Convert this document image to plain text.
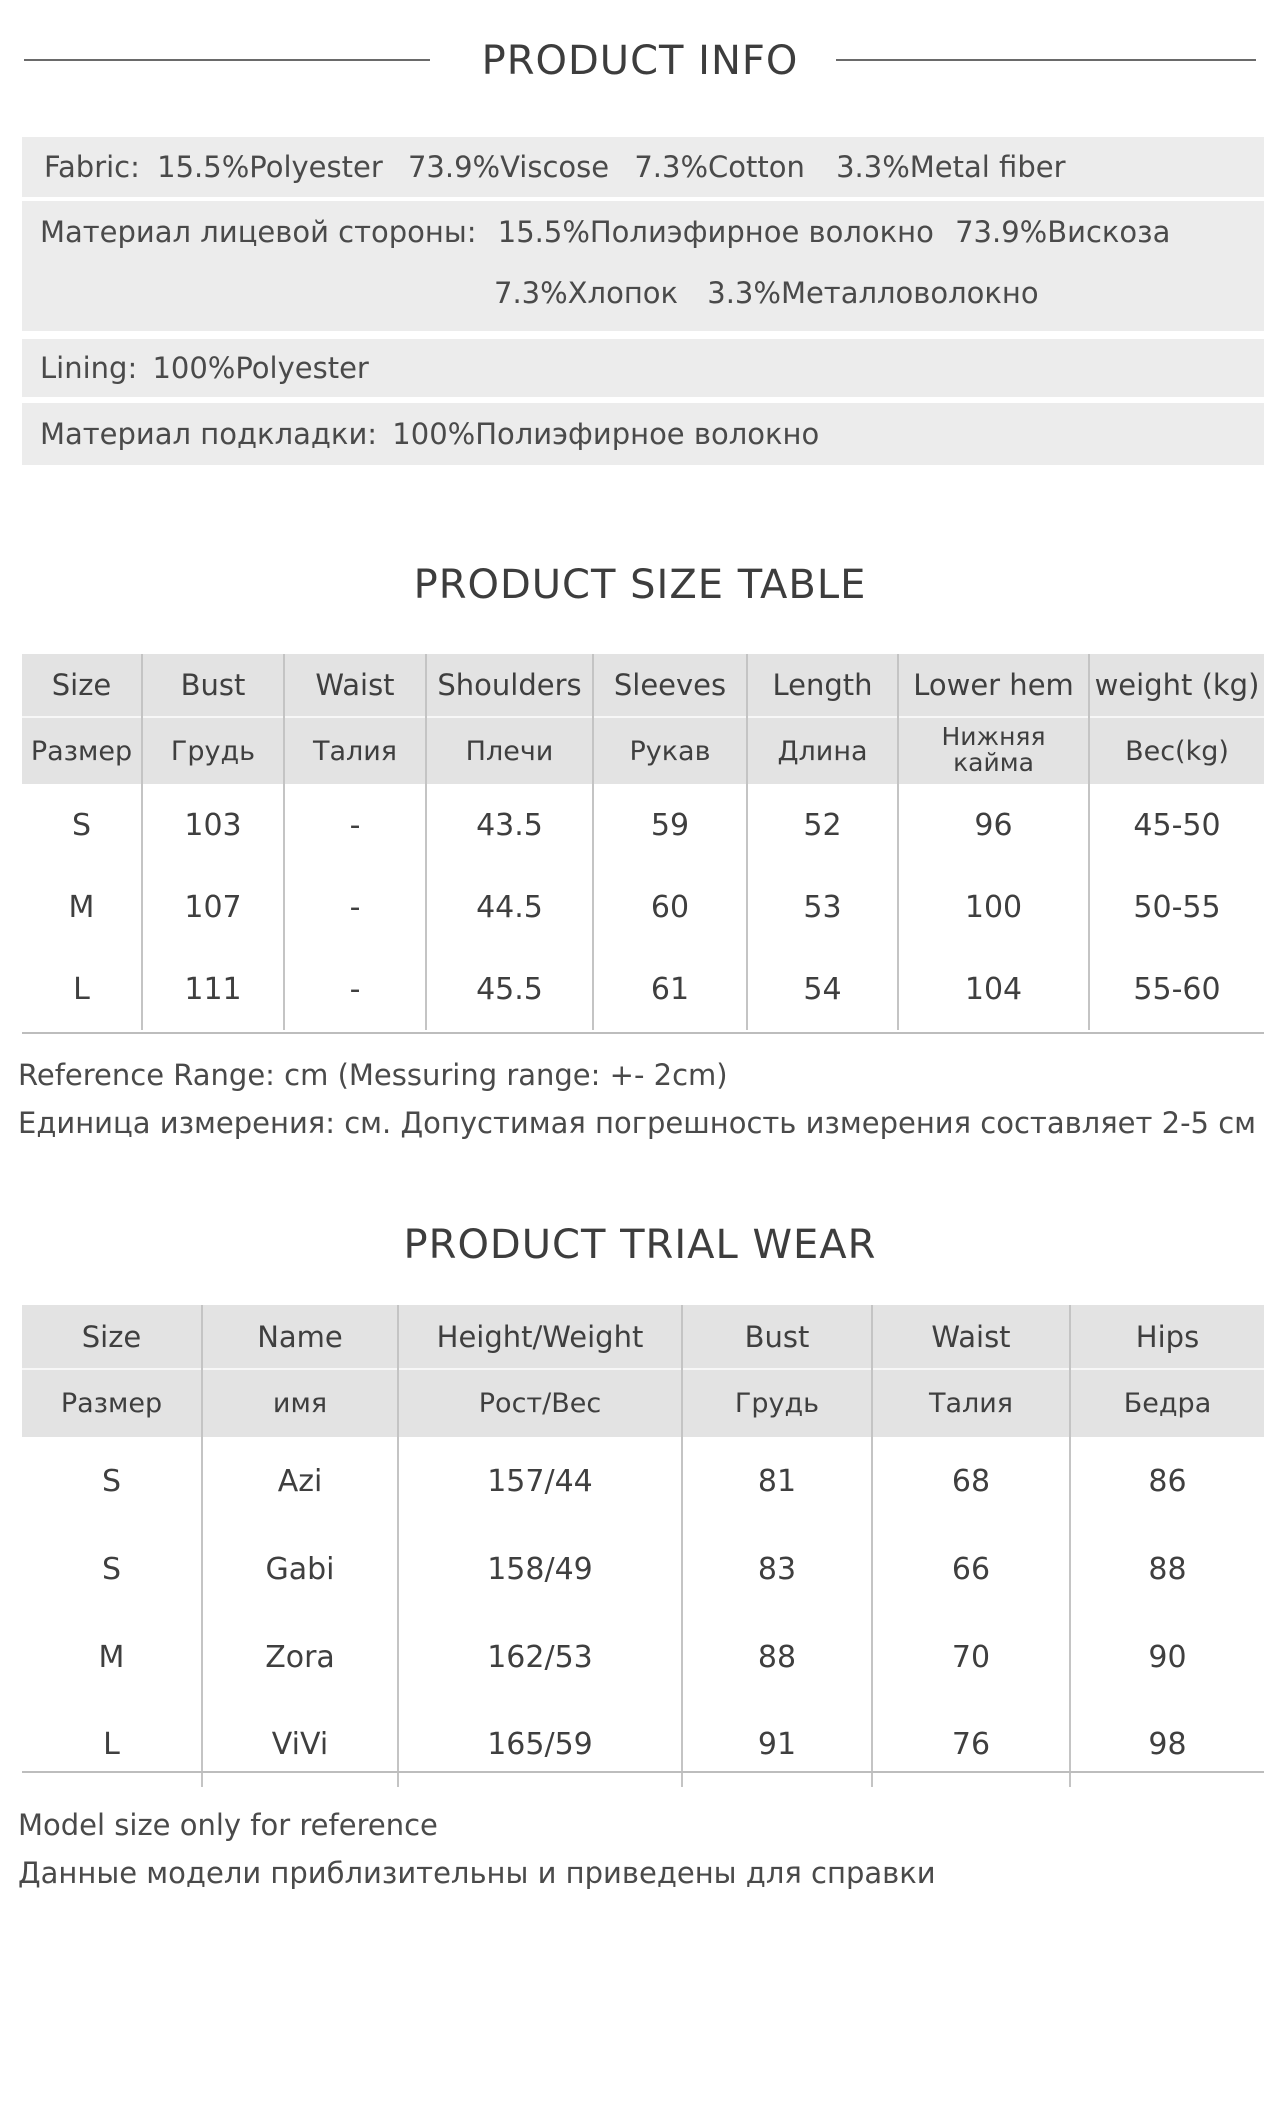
PRODUCT INFO
Fabric: 15.5%Polyester 73.9%Viscose 7.3%Cotton 3.3%Metal fiber
Материал лицевой стороны: 15.5%Полиэфирное волокно 73.9%Вискоза
7.3%Хлопок 3.3%Металловолокно
Lining: 100%Polyester
Материал подкладки: 100%Полиэфирное волокно
PRODUCT SIZE TABLE
Size	Bust	Waist	Shoulders	Sleeves	Length	Lower hem	weight (kg)
Размер	Грудь	Талия	Плечи	Рукав	Длина	Нижняя кайма	Вес(kg)
S	103	-	43.5	59	52	96	45-50
M	107	-	44.5	60	53	100	50-55
L	111	-	45.5	61	54	104	55-60
Reference Range: cm (Messuring range: +- 2cm)
Единица измерения: см. Допустимая погрешность измерения составляет 2-5 см
PRODUCT TRIAL WEAR
Size	Name	Height/Weight	Bust	Waist	Hips
Размер	имя	Рост/Вес	Грудь	Талия	Бедра
S	Azi	157/44	81	68	86
S	Gabi	158/49	83	66	88
M	Zora	162/53	88	70	90
L	ViVi	165/59	91	76	98
Model size only for reference
Данные модели приблизительны и приведены для справки
